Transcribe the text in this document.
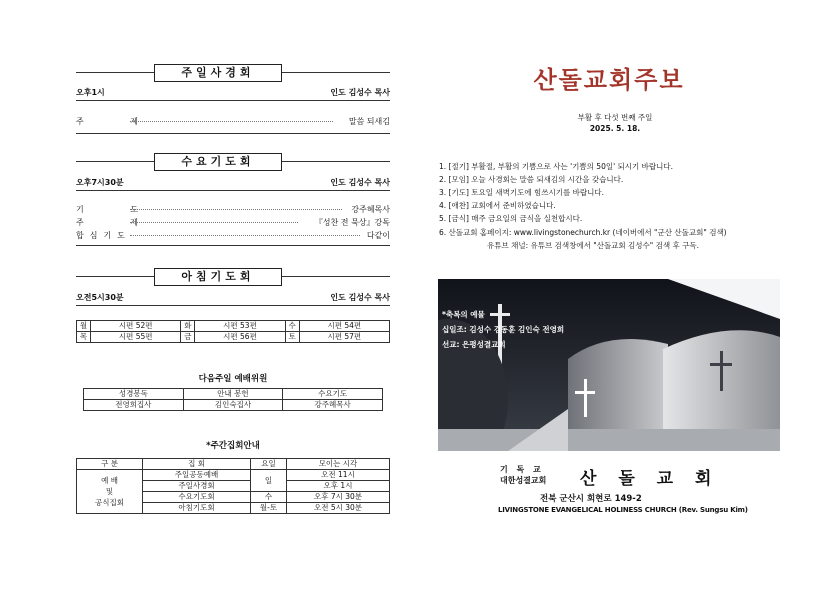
주일사경회
오후1시	인도 김성수 목사
주 제	말씀 되새김
수요기도회
오후7시30분	인도 김성수 목사
기 도	강주혜목사
주 제	『성찬 전 묵상』강독
합심기도	다같이
아침기도회
오전5시30분	인도 김성수 목사
월	시편 52편	화	시편 53편	수	시편 54편
목	시편 55편	금	시편 56편	토	시편 57편
다음주일 예배위원
성경봉독	안내 봉헌	수요기도
전영희집사	김인숙집사	강주혜목사
*주간집회안내
구 분	집 회	요일	모이는 시각

예 배
및
공식집회	주일공동예배	일	오전 11시
	주일사경회		오후 1시
	수요기도회	수	오후 7시 30분
	아침기도회	월-토	오전 5시 30분
산돌교회주보
부활 후 다섯 번째 주일
2025. 5. 18.
1. [절기] 부활절, 부활의 기쁨으로 사는 '기쁨의 50일' 되시기 바랍니다.
2. [모임] 오늘 사경회는 말씀 되새김의 시간을 갖습니다.
3. [기도] 토요일 새벽기도에 힘쓰시기를 바랍니다.
4. [애찬] 교회에서 준비하였습니다.
5. [금식] 매주 금요일의 금식을 실천합시다.
6. 산돌교회 홈페이지: www.livingstonechurch.kr (네이버에서 "군산 산돌교회" 검색)
유튜브 채널: 유튜브 검색창에서 "산돌교회 김성수" 검색 후 구독.
*축복의 예물
십일조: 김성수 김동훈 김인숙 전영희
선교: 은평성결교회
기 독 교
대한성결교회 산 돌 교 회
전북 군산시 회현로 149-2
LIVINGSTONE EVANGELICAL HOLINESS CHURCH (Rev. Sungsu Kim)
